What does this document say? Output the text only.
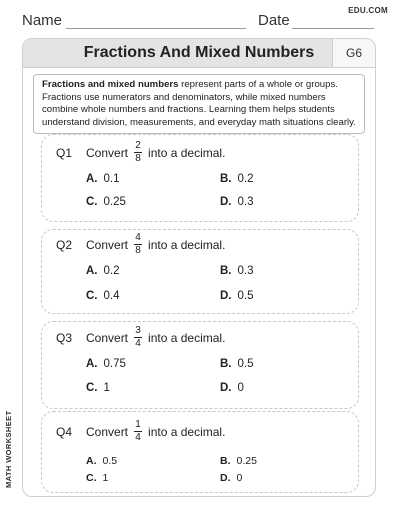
Name	Date
EDU.COM
Fractions And Mixed Numbers	G6
Fractions and mixed numbers represent parts of a whole or groups. Fractions use numerators and denominators, while mixed numbers combine whole numbers and fractions. Learning them helps students understand division, measurements, and everyday math situations clearly.
Q1	Convert $\frac{2}{8}$ into a decimal.
A. 0.1	B. 0.2
C. 0.25	D. 0.3
Q2	Convert $\frac{4}{8}$ into a decimal.
A. 0.2	B. 0.3
C. 0.4	D. 0.5
Q3	Convert $\frac{3}{4}$ into a decimal.
A. 0.75	B. 0.5
C. 1	D. 0
Q4	Convert $\frac{1}{4}$ into a decimal.
A. 0.5	B. 0.25
C. 1	D. 0
MATH WORKSHEET
